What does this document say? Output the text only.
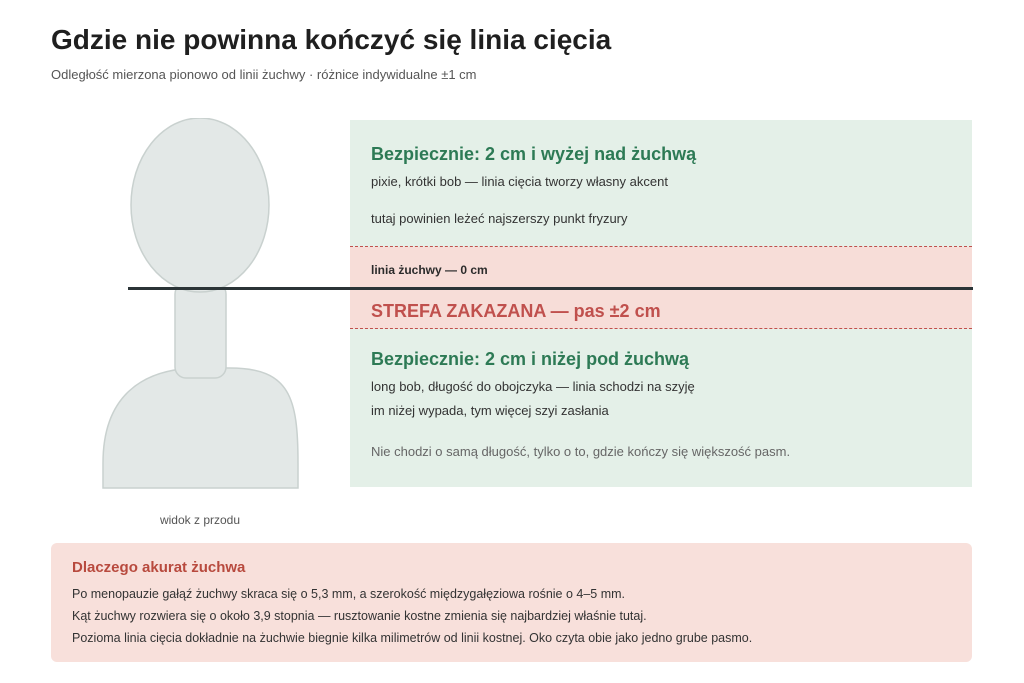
Gdzie nie powinna kończyć się linia cięcia

Odległość mierzona pionowo od linii żuchwy · różnice indywidualne ±1 cm

widok z przodu
Bezpiecznie: 2 cm i wyżej nad żuchwą
pixie, krótki bob — linia cięcia tworzy własny akcent
tutaj powinien leżeć najszerszy punkt fryzury
linia żuchwy — 0 cm
STREFA ZAKAZANA — pas ±2 cm
Bezpiecznie: 2 cm i niżej pod żuchwą
long bob, długość do obojczyka — linia schodzi na szyję
im niżej wypada, tym więcej szyi zasłania
Nie chodzi o samą długość, tylko o to, gdzie kończy się większość pasm.
Dlaczego akurat żuchwa
Po menopauzie gałąź żuchwy skraca się o 5,3 mm, a szerokość międzygałęziowa rośnie o 4–5 mm.
Kąt żuchwy rozwiera się o około 3,9 stopnia — rusztowanie kostne zmienia się najbardziej właśnie tutaj.
Pozioma linia cięcia dokładnie na żuchwie biegnie kilka milimetrów od linii kostnej. Oko czyta obie jako jedno grube pasmo.
